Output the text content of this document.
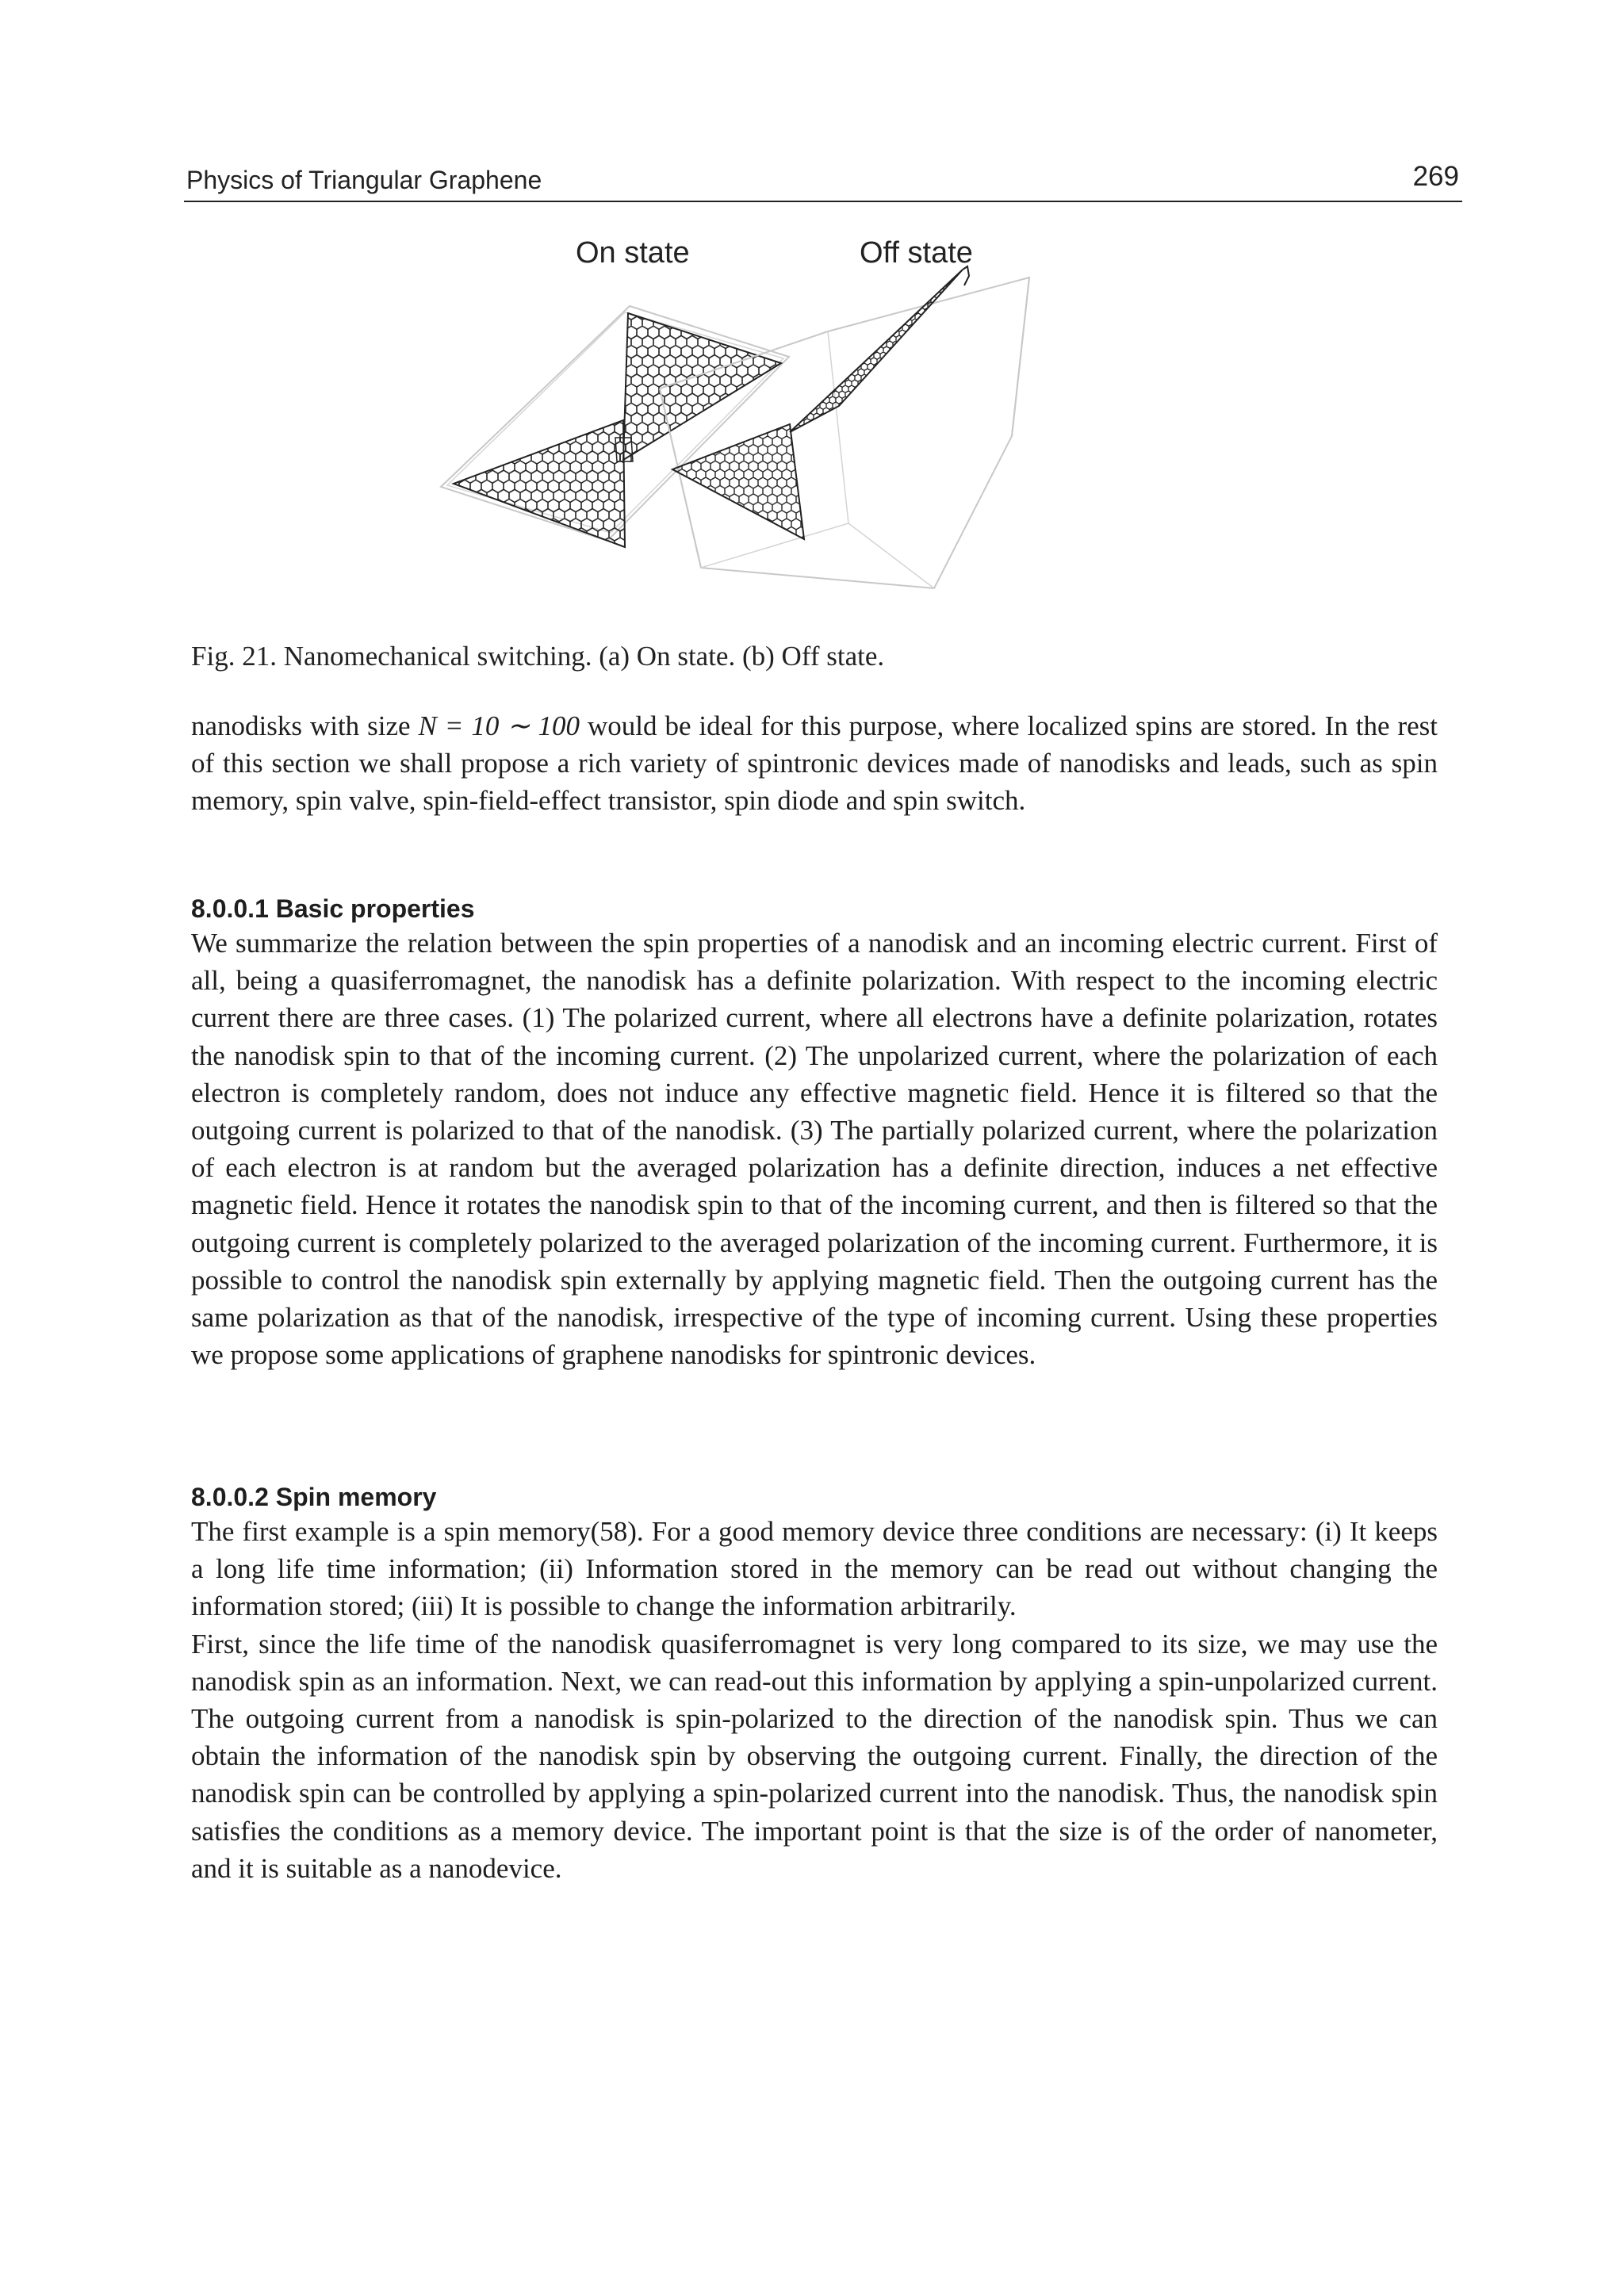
Physics of Triangular Graphene	269
On state	Off state
Fig. 21. Nanomechanical switching. (a) On state. (b) Off state.

nanodisks with size N = 10 ∼ 100 would be ideal for this purpose, where localized spins are stored. In the rest of this section we shall propose a rich variety of spintronic devices made of nanodisks and leads, such as spin memory, spin valve, spin-field-effect transistor, spin diode and spin switch.

8.0.0.1 Basic properties

We summarize the relation between the spin properties of a nanodisk and an incoming electric current. First of all, being a quasiferromagnet, the nanodisk has a definite polarization. With respect to the incoming electric current there are three cases. (1) The polarized current, where all electrons have a definite polarization, rotates the nanodisk spin to that of the incoming current. (2) The unpolarized current, where the polarization of each electron is completely random, does not induce any effective magnetic field. Hence it is filtered so that the outgoing current is polarized to that of the nanodisk. (3) The partially polarized current, where the polarization of each electron is at random but the averaged polarization has a definite direction, induces a net effective magnetic field. Hence it rotates the nanodisk spin to that of the incoming current, and then is filtered so that the outgoing current is completely polarized to the averaged polarization of the incoming current. Furthermore, it is possible to control the nanodisk spin externally by applying magnetic field. Then the outgoing current has the same polarization as that of the nanodisk, irrespective of the type of incoming current. Using these properties we propose some applications of graphene nanodisks for spintronic devices.

8.0.0.2 Spin memory

The first example is a spin memory(58). For a good memory device three conditions are necessary: (i) It keeps a long life time information; (ii) Information stored in the memory can be read out without changing the information stored; (iii) It is possible to change the information arbitrarily.

First, since the life time of the nanodisk quasiferromagnet is very long compared to its size, we may use the nanodisk spin as an information. Next, we can read-out this information by applying a spin-unpolarized current. The outgoing current from a nanodisk is spin-polarized to the direction of the nanodisk spin. Thus we can obtain the information of the nanodisk spin by observing the outgoing current. Finally, the direction of the nanodisk spin can be controlled by applying a spin-polarized current into the nanodisk. Thus, the nanodisk spin satisfies the conditions as a memory device. The important point is that the size is of the order of nanometer, and it is suitable as a nanodevice.
